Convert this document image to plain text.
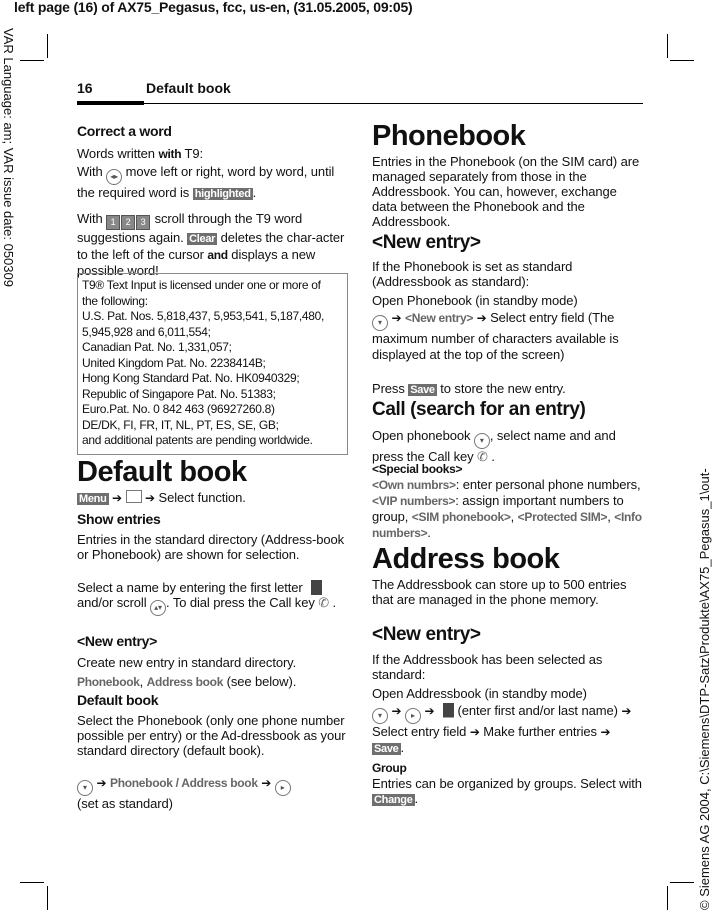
left page (16) of AX75_Pegasus, fcc, us-en, (31.05.2005, 09:05)
VAR Language: am; VAR issue date: 050309
© Siemens AG 2004, C:\Siemens\DTP-Satz\Produkte\AX75_Pegasus_1\out-
16	Default book
Correct a word
Words written with T9:
With ◂▸ move left or right, word by word, until the required word is highlighted .
With 1 2 3 scroll through the T9 word suggestions again. Clear deletes the char-acter to the left of the cursor and displays a new possible word!
T9® Text Input is licensed under one or more of
the following:
U.S. Pat. Nos. 5,818,437, 5,953,541, 5,187,480,
5,945,928 and 6,011,554;
Canadian Pat. No. 1,331,057;
United Kingdom Pat. No. 2238414B;
Hong Kong Standard Pat. No. HK0940329;
Republic of Singapore Pat. No. 51383;
Euro.Pat. No. 0 842 463 (96927260.8)
DE/DK, FI, FR, IT, NL, PT, ES, SE, GB;
and additional patents are pending worldwide.
Default book
Menu ➔ ➔ Select function.
Show entries
Entries in the standard directory (Address-book or Phonebook) are shown for selection.
Select a name by entering the first letter  and/or scroll ▴▾ . To dial press the Call key ✆ .
<New entry>
Create new entry in standard directory.
Phonebook, Address book (see below).
Default book
Select the Phonebook (only one phone number possible per entry) or the Ad-dressbook as your standard directory (default book).
▾ ➔ Phonebook / Address book ➔ ▸
(set as standard)
Phonebook
Entries in the Phonebook (on the SIM card) are managed separately from those in the Addressbook. You can, however, exchange data between the Phonebook and the Addressbook.
<New entry>
If the Phonebook is set as standard (Addressbook as standard):
Open Phonebook (in standby mode)
▾ ➔ <New entry> ➔ Select entry field (The maximum number of characters available is displayed at the top of the screen)
Press Save to store the new entry.
Call (search for an entry)
Open phonebook ▾ , select name and and press the Call key ✆ .
<Special books>
<Own numbrs>: enter personal phone numbers, <VIP numbers>: assign important numbers to group, <SIM phonebook>, <Protected SIM>, <Info numbers>.
Address book
The Addressbook can store up to 500 entries that are managed in the phone memory.
<New entry>
If the Addressbook has been selected as standard:
Open Addressbook (in standby mode)
▾ ➔ ▸ ➔  (enter first and/or last name) ➔ Select entry field ➔ Make further entries ➔ Save .
Group
Entries can be organized by groups. Select with Change .
